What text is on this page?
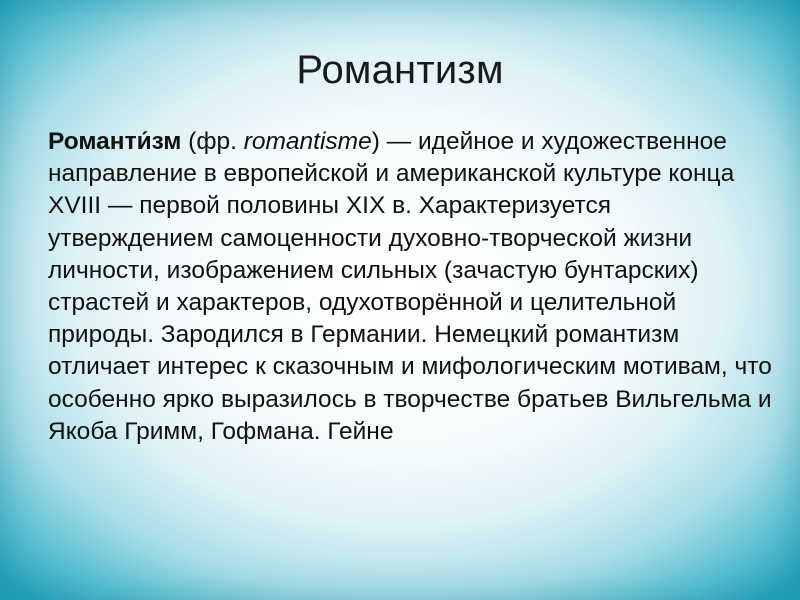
Романтизм

Романти́зм (фр. romantisme) — идейное и художественное направление в европейской и американской культуре конца XVIII — первой половины XIX в. Характеризуется утверждением самоценности духовно-творческой жизни личности, изображением сильных (зачастую бунтарских) страстей и характеров, одухотворённой и целительной природы. Зародился в Германии. Немецкий романтизм отличает интерес к сказочным и мифологическим мотивам, что особенно ярко выразилось в творчестве братьев Вильгельма и Якоба Гримм, Гофмана. Гейне
